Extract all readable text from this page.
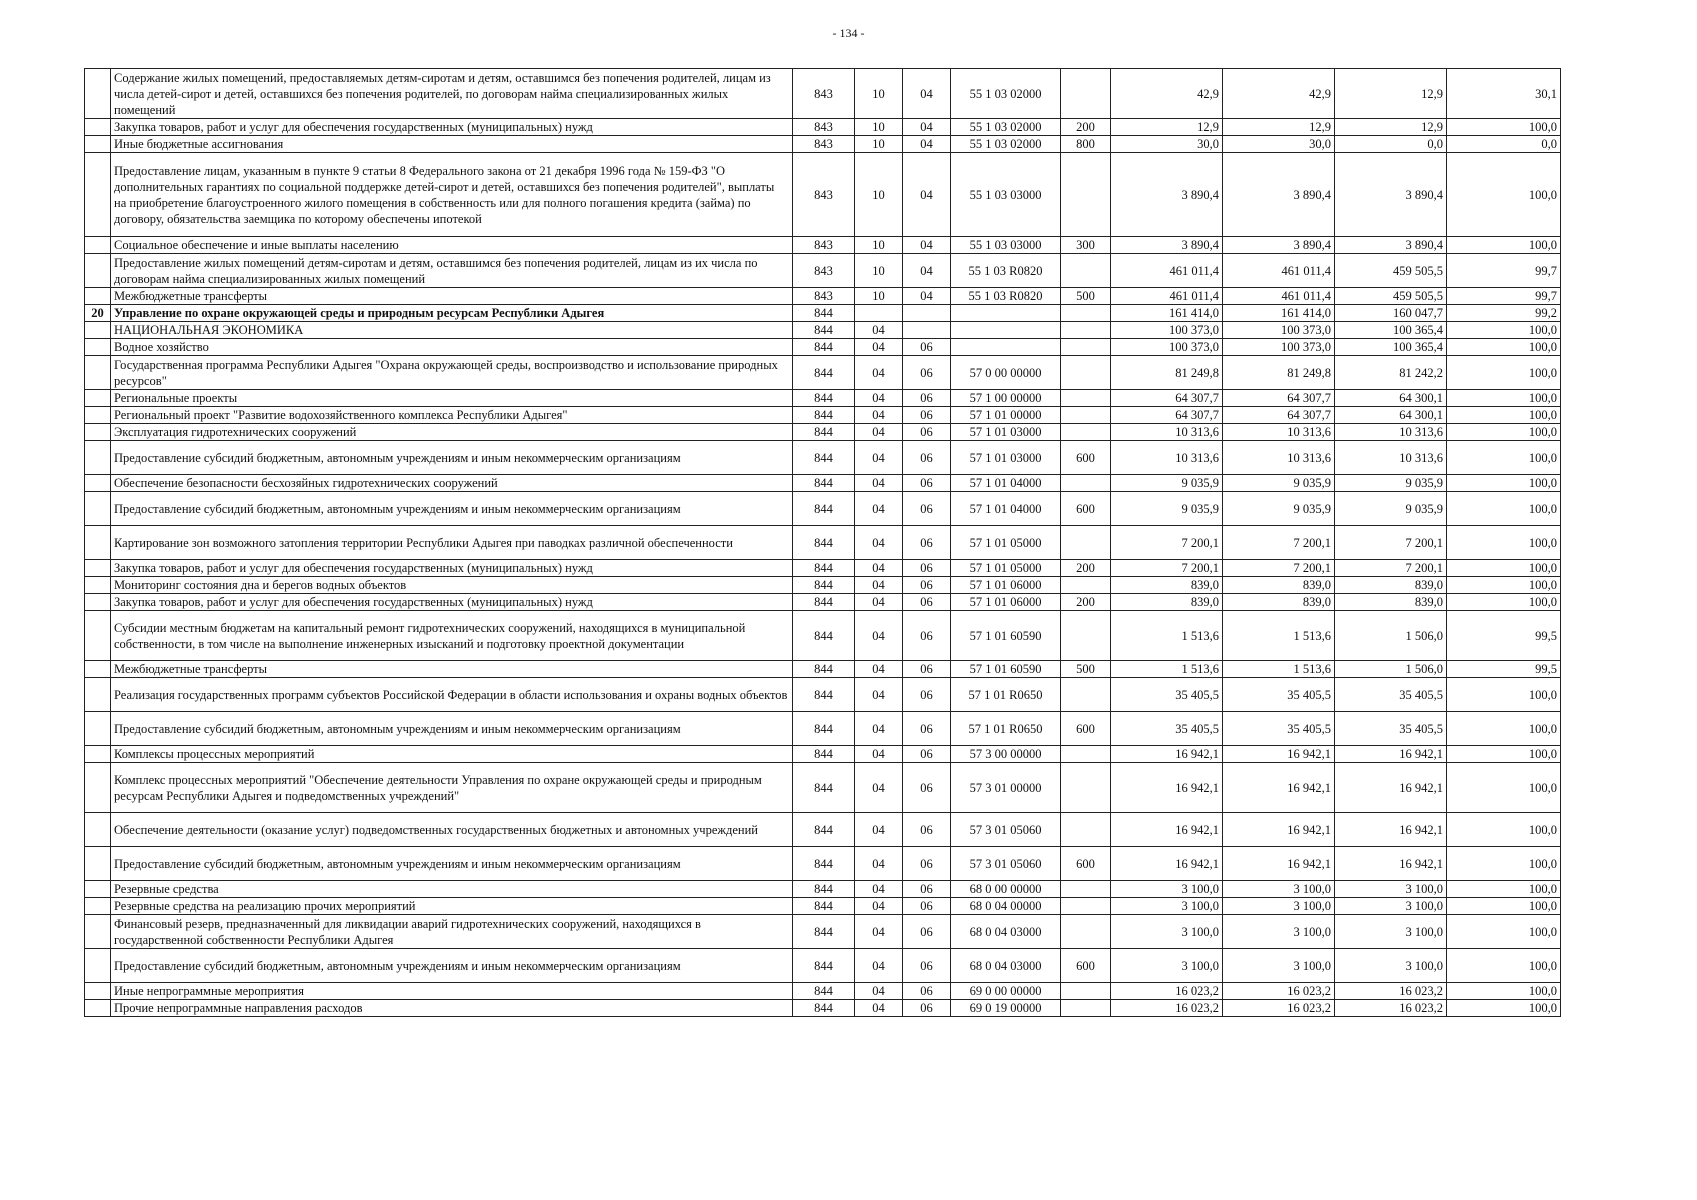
- 134 -
	Содержание жилых помещений, предоставляемых детям-сиротам и детям, оставшимся без попечения родителей, лицам из числа детей-сирот и детей, оставшихся без попечения родителей, по договорам найма специализированных жилых помещений	843	10	04	55 1 03 02000		42,9	42,9	12,9	30,1
	Закупка товаров, работ и услуг для обеспечения государственных (муниципальных) нужд	843	10	04	55 1 03 02000	200	12,9	12,9	12,9	100,0
	Иные бюджетные ассигнования	843	10	04	55 1 03 02000	800	30,0	30,0	0,0	0,0
	Предоставление лицам, указанным в пункте 9 статьи 8 Федерального закона от 21 декабря 1996 года № 159-ФЗ "О дополнительных гарантиях по социальной поддержке детей-сирот и детей, оставшихся без попечения родителей", выплаты на приобретение благоустроенного жилого помещения в собственность или для полного погашения кредита (займа) по договору, обязательства заемщика по которому обеспечены ипотекой	843	10	04	55 1 03 03000		3 890,4	3 890,4	3 890,4	100,0
	Социальное обеспечение и иные выплаты населению	843	10	04	55 1 03 03000	300	3 890,4	3 890,4	3 890,4	100,0
	Предоставление жилых помещений детям-сиротам и детям, оставшимся без попечения родителей, лицам из их числа по договорам найма специализированных жилых помещений	843	10	04	55 1 03 R0820		461 011,4	461 011,4	459 505,5	99,7
	Межбюджетные трансферты	843	10	04	55 1 03 R0820	500	461 011,4	461 011,4	459 505,5	99,7
20	Управление по охране окружающей среды и природным ресурсам Республики Адыгея	844					161 414,0	161 414,0	160 047,7	99,2
	НАЦИОНАЛЬНАЯ ЭКОНОМИКА	844	04				100 373,0	100 373,0	100 365,4	100,0
	Водное хозяйство	844	04	06			100 373,0	100 373,0	100 365,4	100,0
	Государственная программа Республики Адыгея "Охрана окружающей среды, воспроизводство и использование природных ресурсов"	844	04	06	57 0 00 00000		81 249,8	81 249,8	81 242,2	100,0
	Региональные проекты	844	04	06	57 1 00 00000		64 307,7	64 307,7	64 300,1	100,0
	Региональный проект "Развитие водохозяйственного комплекса Республики Адыгея"	844	04	06	57 1 01 00000		64 307,7	64 307,7	64 300,1	100,0
	Эксплуатация гидротехнических сооружений	844	04	06	57 1 01 03000		10 313,6	10 313,6	10 313,6	100,0
	Предоставление субсидий бюджетным, автономным учреждениям и иным некоммерческим организациям	844	04	06	57 1 01 03000	600	10 313,6	10 313,6	10 313,6	100,0
	Обеспечение безопасности бесхозяйных гидротехнических сооружений	844	04	06	57 1 01 04000		9 035,9	9 035,9	9 035,9	100,0
	Предоставление субсидий бюджетным, автономным учреждениям и иным некоммерческим организациям	844	04	06	57 1 01 04000	600	9 035,9	9 035,9	9 035,9	100,0
	Картирование зон возможного затопления территории Республики Адыгея при паводках различной обеспеченности	844	04	06	57 1 01 05000		7 200,1	7 200,1	7 200,1	100,0
	Закупка товаров, работ и услуг для обеспечения государственных (муниципальных) нужд	844	04	06	57 1 01 05000	200	7 200,1	7 200,1	7 200,1	100,0
	Мониторинг состояния дна и берегов водных объектов	844	04	06	57 1 01 06000		839,0	839,0	839,0	100,0
	Закупка товаров, работ и услуг для обеспечения государственных (муниципальных) нужд	844	04	06	57 1 01 06000	200	839,0	839,0	839,0	100,0
	Субсидии местным бюджетам на капитальный ремонт гидротехнических сооружений, находящихся в муниципальной собственности, в том числе на выполнение инженерных изысканий и подготовку проектной документации	844	04	06	57 1 01 60590		1 513,6	1 513,6	1 506,0	99,5
	Межбюджетные трансферты	844	04	06	57 1 01 60590	500	1 513,6	1 513,6	1 506,0	99,5
	Реализация государственных программ субъектов Российской Федерации в области использования и охраны водных объектов	844	04	06	57 1 01 R0650		35 405,5	35 405,5	35 405,5	100,0
	Предоставление субсидий бюджетным, автономным учреждениям и иным некоммерческим организациям	844	04	06	57 1 01 R0650	600	35 405,5	35 405,5	35 405,5	100,0
	Комплексы процессных мероприятий	844	04	06	57 3 00 00000		16 942,1	16 942,1	16 942,1	100,0
	Комплекс процессных мероприятий "Обеспечение деятельности Управления по охране окружающей среды и природным ресурсам Республики Адыгея и подведомственных учреждений"	844	04	06	57 3 01 00000		16 942,1	16 942,1	16 942,1	100,0
	Обеспечение деятельности (оказание услуг) подведомственных государственных бюджетных и автономных учреждений	844	04	06	57 3 01 05060		16 942,1	16 942,1	16 942,1	100,0
	Предоставление субсидий бюджетным, автономным учреждениям и иным некоммерческим организациям	844	04	06	57 3 01 05060	600	16 942,1	16 942,1	16 942,1	100,0
	Резервные средства	844	04	06	68 0 00 00000		3 100,0	3 100,0	3 100,0	100,0
	Резервные средства на реализацию прочих мероприятий	844	04	06	68 0 04 00000		3 100,0	3 100,0	3 100,0	100,0
	Финансовый резерв, предназначенный для ликвидации аварий гидротехнических сооружений, находящихся в государственной собственности Республики Адыгея	844	04	06	68 0 04 03000		3 100,0	3 100,0	3 100,0	100,0
	Предоставление субсидий бюджетным, автономным учреждениям и иным некоммерческим организациям	844	04	06	68 0 04 03000	600	3 100,0	3 100,0	3 100,0	100,0
	Иные непрограммные мероприятия	844	04	06	69 0 00 00000		16 023,2	16 023,2	16 023,2	100,0
	Прочие непрограммные направления расходов	844	04	06	69 0 19 00000		16 023,2	16 023,2	16 023,2	100,0
